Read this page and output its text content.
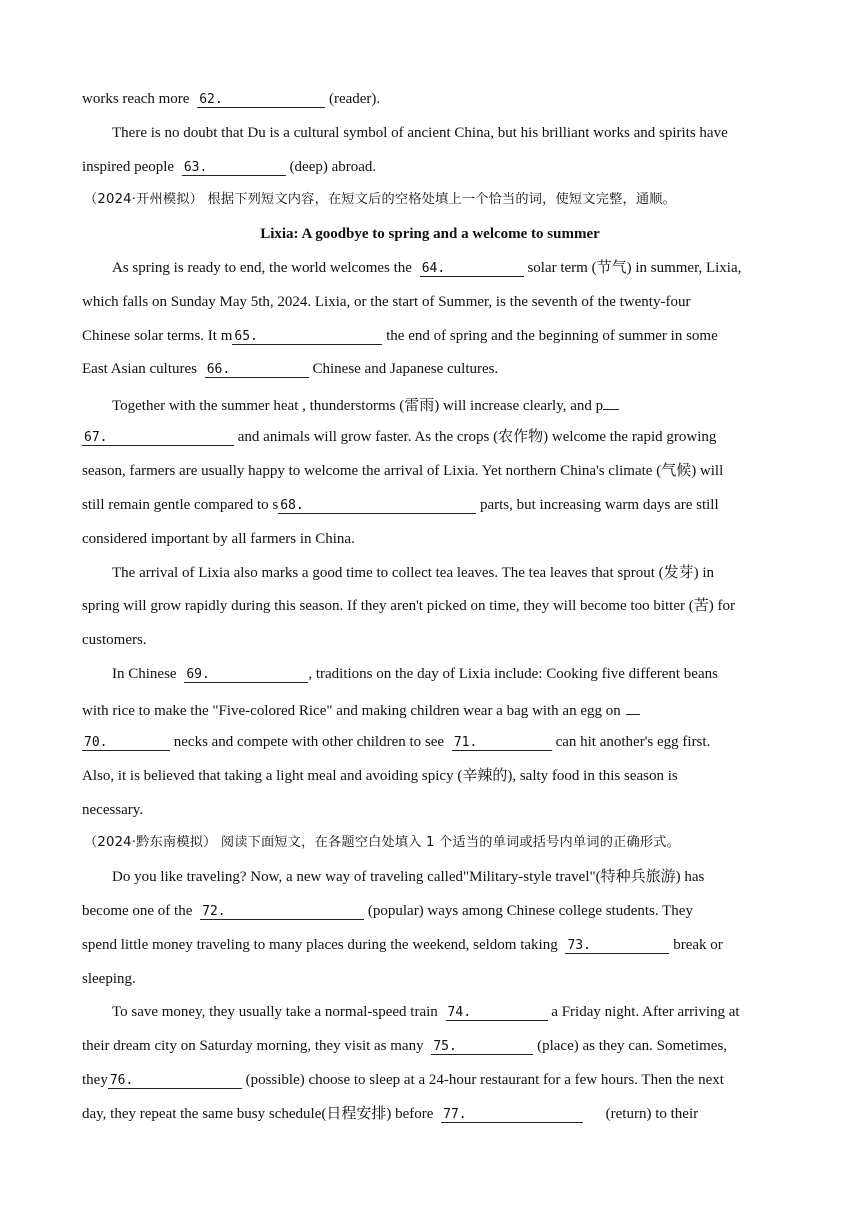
works reach more 62.	(reader).
There is no doubt that Du is a cultural symbol of ancient China, but his brilliant works and spirits have
inspired people 63.	(deep) abroad.
（2024·开州模拟） 根据下列短文内容，在短文后的空格处填上一个恰当的词，使短文完整，通顺。
Lixia: A goodbye to spring and a welcome to summer
As spring is ready to end, the world welcomes the 64.	solar term (节气) in summer, Lixia,
which falls on Sunday May 5th, 2024. Lixia, or the start of Summer, is the seventh of the twenty-four
Chinese solar terms. It m 65.	the end of spring and the beginning of summer in some
East Asian cultures 66.	Chinese and Japanese cultures.
Together with the summer heat , thunderstorms (雷雨) will increase clearly, and p
67.	and animals will grow faster. As the crops (农作物) welcome the rapid growing
season, farmers are usually happy to welcome the arrival of Lixia. Yet northern China's climate (气候) will
still remain gentle compared to s 68.	parts, but increasing warm days are still
considered important by all farmers in China.
The arrival of Lixia also marks a good time to collect tea leaves. The tea leaves that sprout (发芽) in
spring will grow rapidly during this season. If they aren't picked on time, they will become too bitter (苦) for
customers.
In Chinese 69.	, traditions on the day of Lixia include: Cooking five different beans
with rice to make the "Five-colored Rice" and making children wear a bag with an egg on
70.	necks and compete with other children to see 71.	can hit another's egg first.
Also, it is believed that taking a light meal and avoiding spicy (辛辣的), salty food in this season is
necessary.
（2024·黔东南模拟） 阅读下面短文，在各题空白处填入 1 个适当的单词或括号内单词的正确形式。
Do you like traveling? Now, a new way of traveling called"Military-style travel"(特种兵旅游) has
become one of the 72.	(popular) ways among Chinese college students. They
spend little money traveling to many places during the weekend, seldom taking 73.	break or
sleeping.
To save money, they usually take a normal-speed train 74.	a Friday night. After arriving at
their dream city on Saturday morning, they visit as many 75.	(place) as they can. Sometimes,
they 76.	(possible) choose to sleep at a 24-hour restaurant for a few hours. Then the next
day, they repeat the same busy schedule(日程安排) before 77.	(return) to their
